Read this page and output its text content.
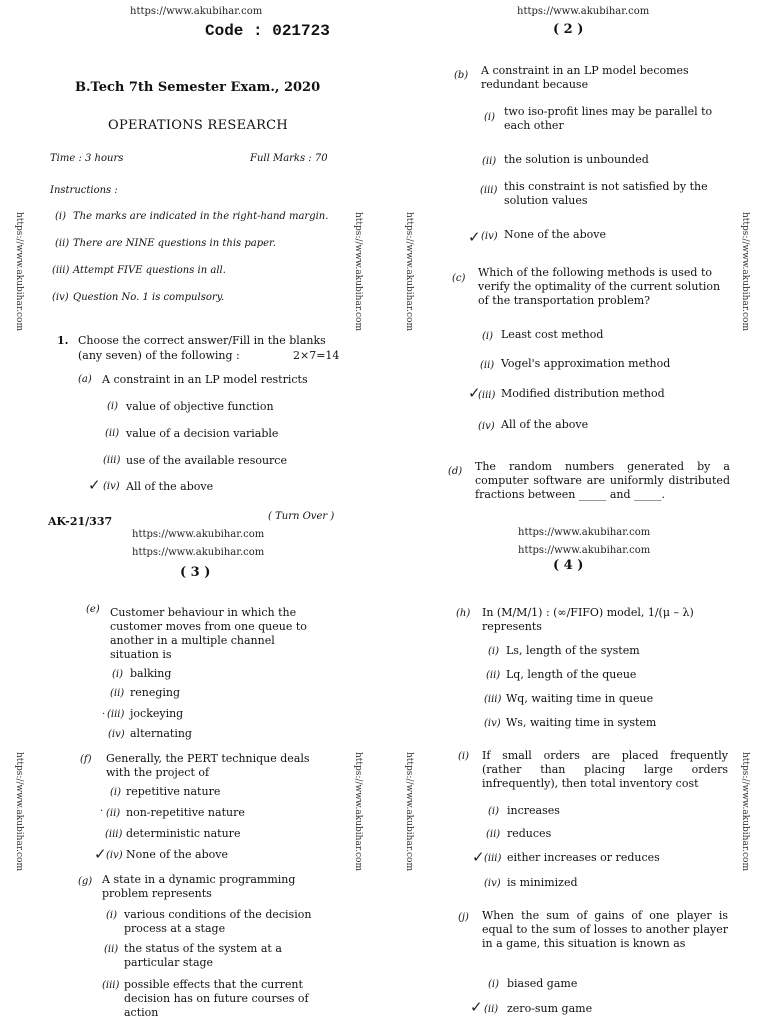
https://www.akubihar.com
Code : 021723
B.Tech 7th Semester Exam., 2020
OPERATIONS RESEARCH
Time : 3 hours	Full Marks : 70
Instructions :
(i) The marks are indicated in the right-hand margin.
(ii) There are NINE questions in this paper.
(iii) Attempt FIVE questions in all.
(iv) Question No. 1 is compulsory.
1. Choose the correct answer/Fill in the blanks
(any seven) of the following :	2×7=14
(a) A constraint in an LP model restricts
(i) value of objective function
(ii) value of a decision variable
(iii) use of the available resource
✓ (iv) All of the above
AK-21/337	( Turn Over )
https://www.akubihar.com
( 2 )
(b) A constraint in an LP model becomes redundant because
(i) two iso-profit lines may be parallel to each other
(ii) the solution is unbounded
(iii) this constraint is not satisfied by the solution values
✓ (iv) None of the above
(c) Which of the following methods is used to verify the optimality of the current solution of the transportation problem?
(i) Least cost method
(ii) Vogel's approximation method
✓
(iii) Modified distribution method
(iv) All of the above
(d) The random numbers generated by a computer software are uniformly distributed fractions between _____ and _____.
https://www.akubihar.com
https://www.akubihar.com
( 3 )
(e) Customer behaviour in which the customer moves from one queue to another in a multiple channel situation is
(i) balking
(ii) reneging
. (iii) jockeying
(iv) alternating
(f) Generally, the PERT technique deals with the project of
(i) repetitive nature
. (ii) non-repetitive nature
(iii) deterministic nature
✓ (iv) None of the above
(g) A state in a dynamic programming problem represents
(i) various conditions of the decision process at a stage
(ii) the status of the system at a particular stage
(iii) possible effects that the current decision has on future courses of action
https://www.akubihar.com
https://www.akubihar.com
( 4 )
(h) In (M/M/1) : (∞/FIFO) model, 1/(μ – λ) represents
(i) Ls, length of the system
(ii) Lq, length of the queue
(iii) Wq, waiting time in queue
(iv) Ws, waiting time in system
(i) If small orders are placed frequently (rather than placing large orders infrequently), then total inventory cost
(i) increases
(ii) reduces
✓ (iii) either increases or reduces
(iv) is minimized
(j) When the sum of gains of one player is equal to the sum of losses to another player in a game, this situation is known as
(i) biased game
✓ (ii) zero-sum game
https://www.akubihar.com	https://www.akubihar.com	https://www.akubihar.com	https://www.akubihar.com
https://www.akubihar.com	https://www.akubihar.com	https://www.akubihar.com	https://www.akubihar.com
